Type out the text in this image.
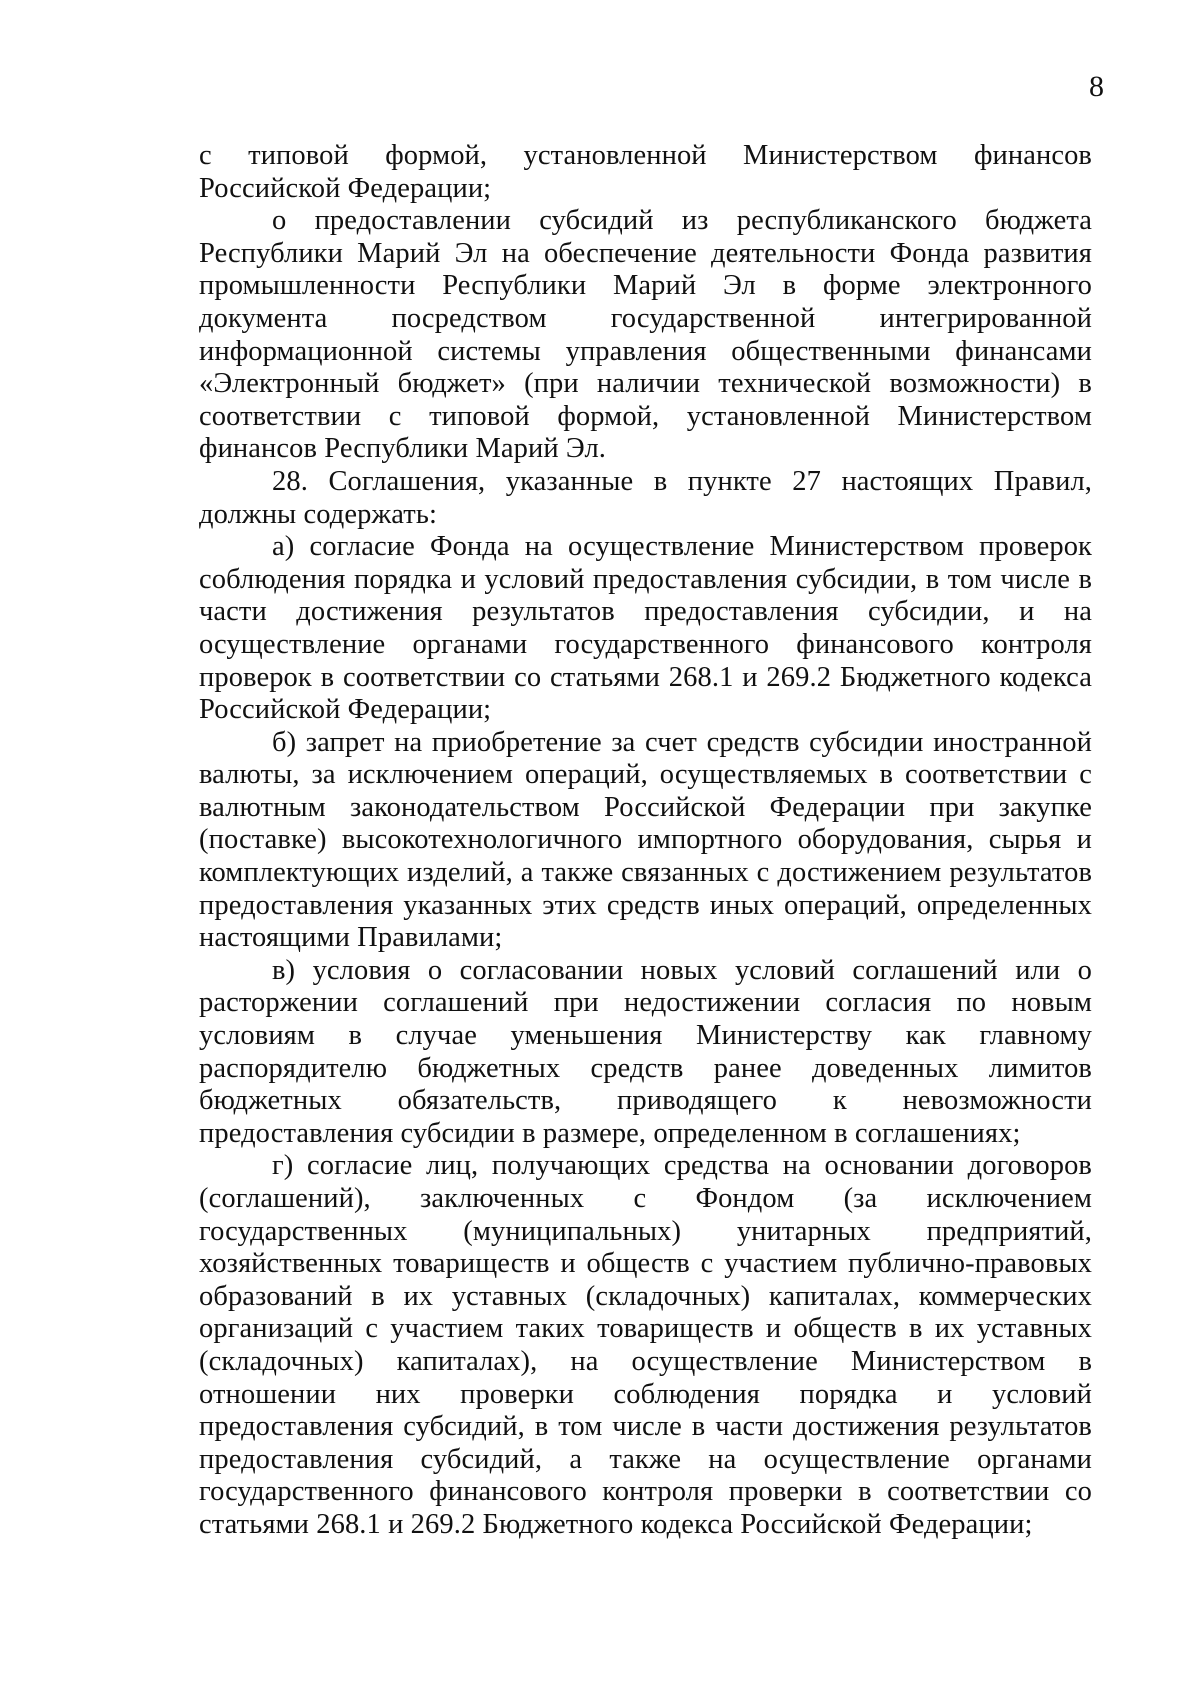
8

с типовой формой, установленной Министерством финансов Российской Федерации;

о предоставлении субсидий из республиканского бюджета Республики Марий Эл на обеспечение деятельности Фонда развития промышленности Республики Марий Эл в форме электронного документа посредством государственной интегрированной информационной системы управления общественными финансами «Электронный бюджет» (при наличии технической возможности) в соответствии с типовой формой, установленной Министерством финансов Республики Марий Эл.

28. Соглашения, указанные в пункте 27 настоящих Правил, должны содержать:

а) согласие Фонда на осуществление Министерством проверок соблюдения порядка и условий предоставления субсидии, в том числе в части достижения результатов предоставления субсидии, и на осуществление органами государственного финансового контроля проверок в соответствии со статьями 268.1 и 269.2 Бюджетного кодекса Российской Федерации;

б) запрет на приобретение за счет средств субсидии иностранной валюты, за исключением операций, осуществляемых в соответствии с валютным законодательством Российской Федерации при закупке (поставке) высокотехнологичного импортного оборудования, сырья и комплектующих изделий, а также связанных с достижением результатов предоставления указанных этих средств иных операций, определенных настоящими Правилами;

в) условия о согласовании новых условий соглашений или о расторжении соглашений при недостижении согласия по новым условиям в случае уменьшения Министерству как главному распорядителю бюджетных средств ранее доведенных лимитов бюджетных обязательств, приводящего к невозможности предоставления субсидии в размере, определенном в соглашениях;

г) согласие лиц, получающих средства на основании договоров (соглашений), заключенных с Фондом (за исключением государственных (муниципальных) унитарных предприятий, хозяйственных товариществ и обществ с участием публично-правовых образований в их уставных (складочных) капиталах, коммерческих организаций с участием таких товариществ и обществ в их уставных (складочных) капиталах), на осуществление Министерством в отношении них проверки соблюдения порядка и условий предоставления субсидий, в том числе в части достижения результатов предоставления субсидий, а также на осуществление органами государственного финансового контроля проверки в соответствии со статьями 268.1 и 269.2 Бюджетного кодекса Российской Федерации;
